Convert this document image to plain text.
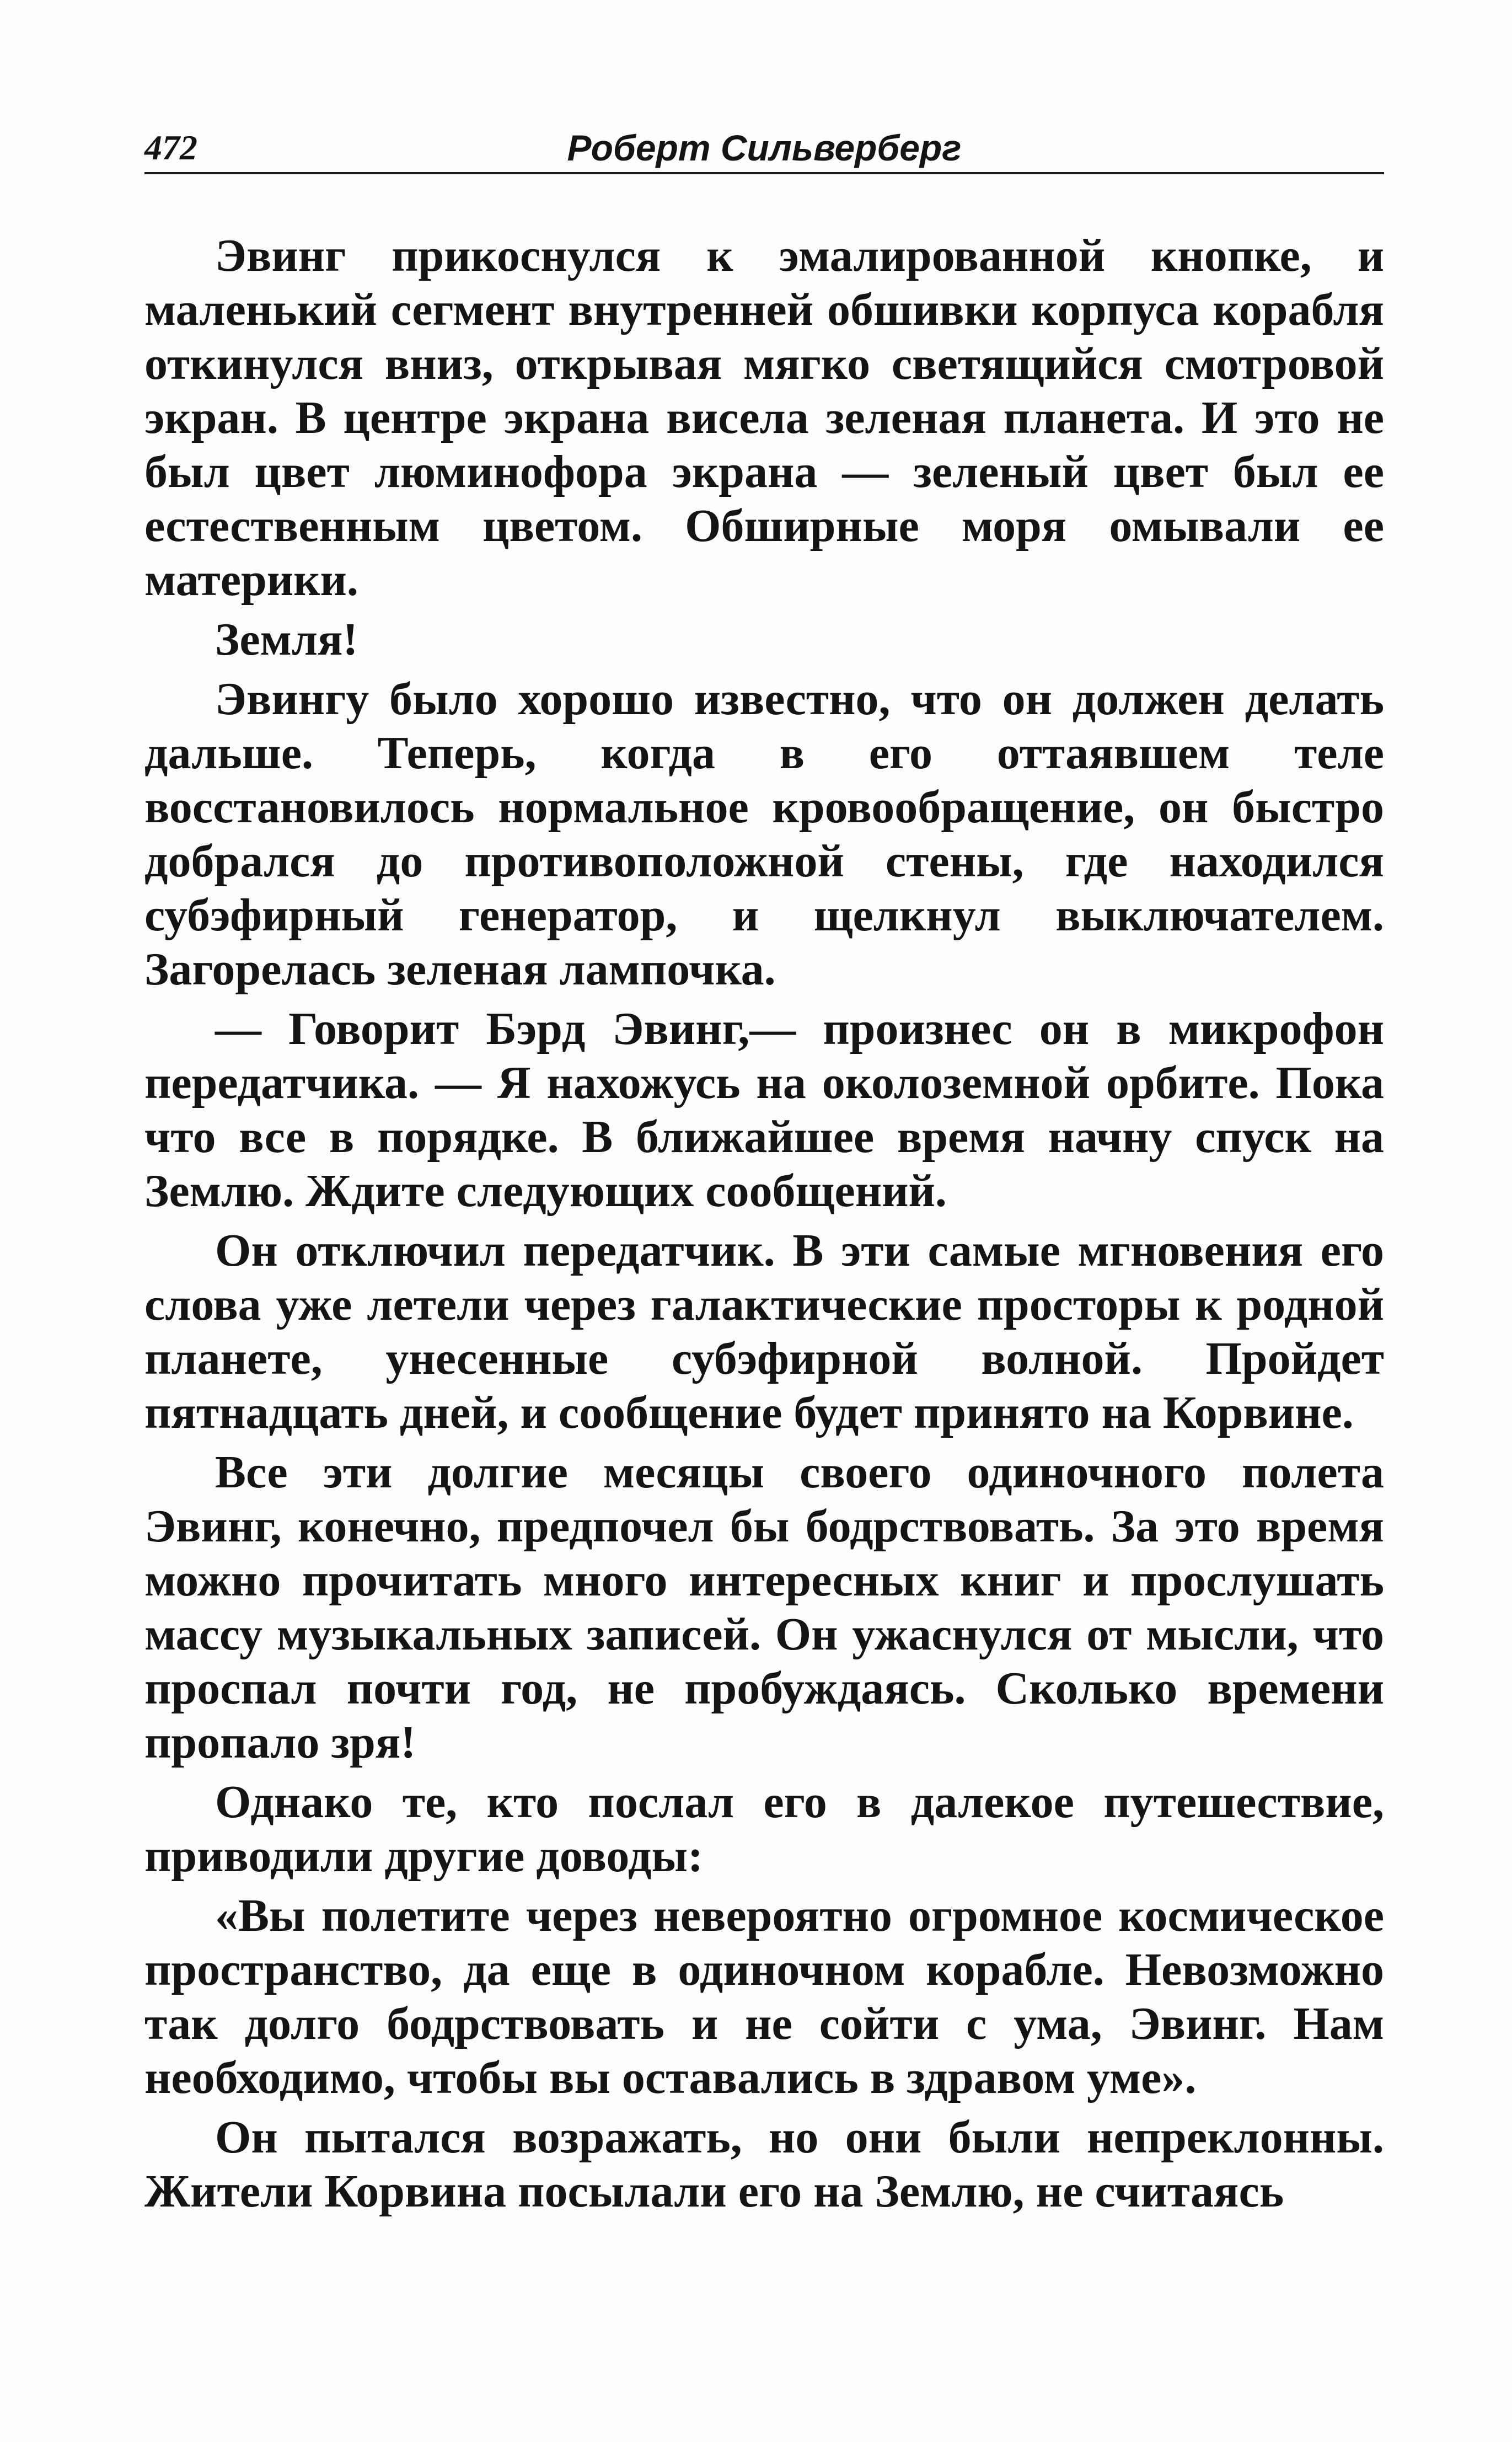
472	Роберт Сильверберг

Эвинг прикоснулся к эмалированной кнопке, и маленький сегмент внутренней обшивки корпуса корабля откинулся вниз, открывая мягко светящийся смотровой экран. В центре экрана висела зеленая планета. И это не был цвет люминофора экрана — зеленый цвет был ее естественным цветом. Обширные моря омывали ее материки.

Земля!

Эвингу было хорошо известно, что он должен делать дальше. Теперь, когда в его оттаявшем теле восстановилось нормальное кровообращение, он быстро добрался до противоположной стены, где находился субэфирный генератор, и щелкнул выключателем. Загорелась зеленая лампочка.

— Говорит Бэрд Эвинг,— произнес он в микрофон передатчика. — Я нахожусь на околоземной орбите. Пока что все в порядке. В ближайшее время начну спуск на Землю. Ждите следующих сообщений.

Он отключил передатчик. В эти самые мгновения его слова уже летели через галактические просторы к родной планете, унесенные субэфирной волной. Пройдет пятнадцать дней, и сообщение будет принято на Корвине.

Все эти долгие месяцы своего одиночного полета Эвинг, конечно, предпочел бы бодрствовать. За это время можно прочитать много интересных книг и прослушать массу музыкальных записей. Он ужаснулся от мысли, что проспал почти год, не пробуждаясь. Сколько времени пропало зря!

Однако те, кто послал его в далекое путешествие, приводили другие доводы:

«Вы полетите через невероятно огромное космическое пространство, да еще в одиночном корабле. Невозможно так долго бодрствовать и не сойти с ума, Эвинг. Нам необходимо, чтобы вы оставались в здравом уме».

Он пытался возражать, но они были непреклонны. Жители Корвина посылали его на Землю, не считаясь
